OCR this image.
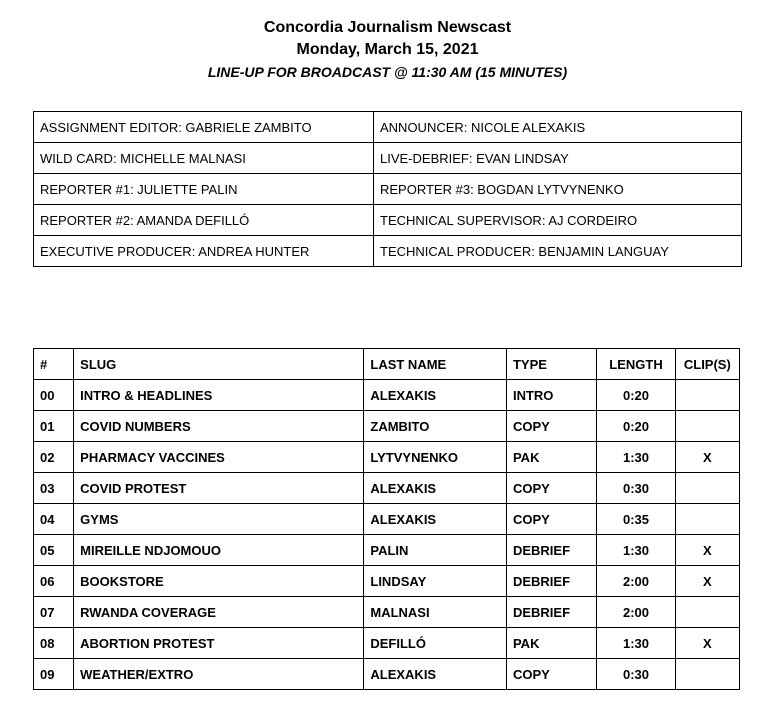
Concordia Journalism Newscast
Monday, March 15, 2021
LINE-UP FOR BROADCAST @ 11:30 AM (15 MINUTES)
ASSIGNMENT EDITOR: GABRIELE ZAMBITO	ANNOUNCER: NICOLE ALEXAKIS
WILD CARD: MICHELLE MALNASI	LIVE-DEBRIEF: EVAN LINDSAY
REPORTER #1: JULIETTE PALIN	REPORTER #3: BOGDAN LYTVYNENKO
REPORTER #2: AMANDA DEFILLÓ	TECHNICAL SUPERVISOR: AJ CORDEIRO
EXECUTIVE PRODUCER: ANDREA HUNTER	TECHNICAL PRODUCER: BENJAMIN LANGUAY
#	SLUG	LAST NAME	TYPE	LENGTH	CLIP(S)
00	INTRO & HEADLINES	ALEXAKIS	INTRO	0:20	
01	COVID NUMBERS	ZAMBITO	COPY	0:20	
02	PHARMACY VACCINES	LYTVYNENKO	PAK	1:30	X
03	COVID PROTEST	ALEXAKIS	COPY	0:30	
04	GYMS	ALEXAKIS	COPY	0:35	
05	MIREILLE NDJOMOUO	PALIN	DEBRIEF	1:30	X
06	BOOKSTORE	LINDSAY	DEBRIEF	2:00	X
07	RWANDA COVERAGE	MALNASI	DEBRIEF	2:00	
08	ABORTION PROTEST	DEFILLÓ	PAK	1:30	X
09	WEATHER/EXTRO	ALEXAKIS	COPY	0:30	
